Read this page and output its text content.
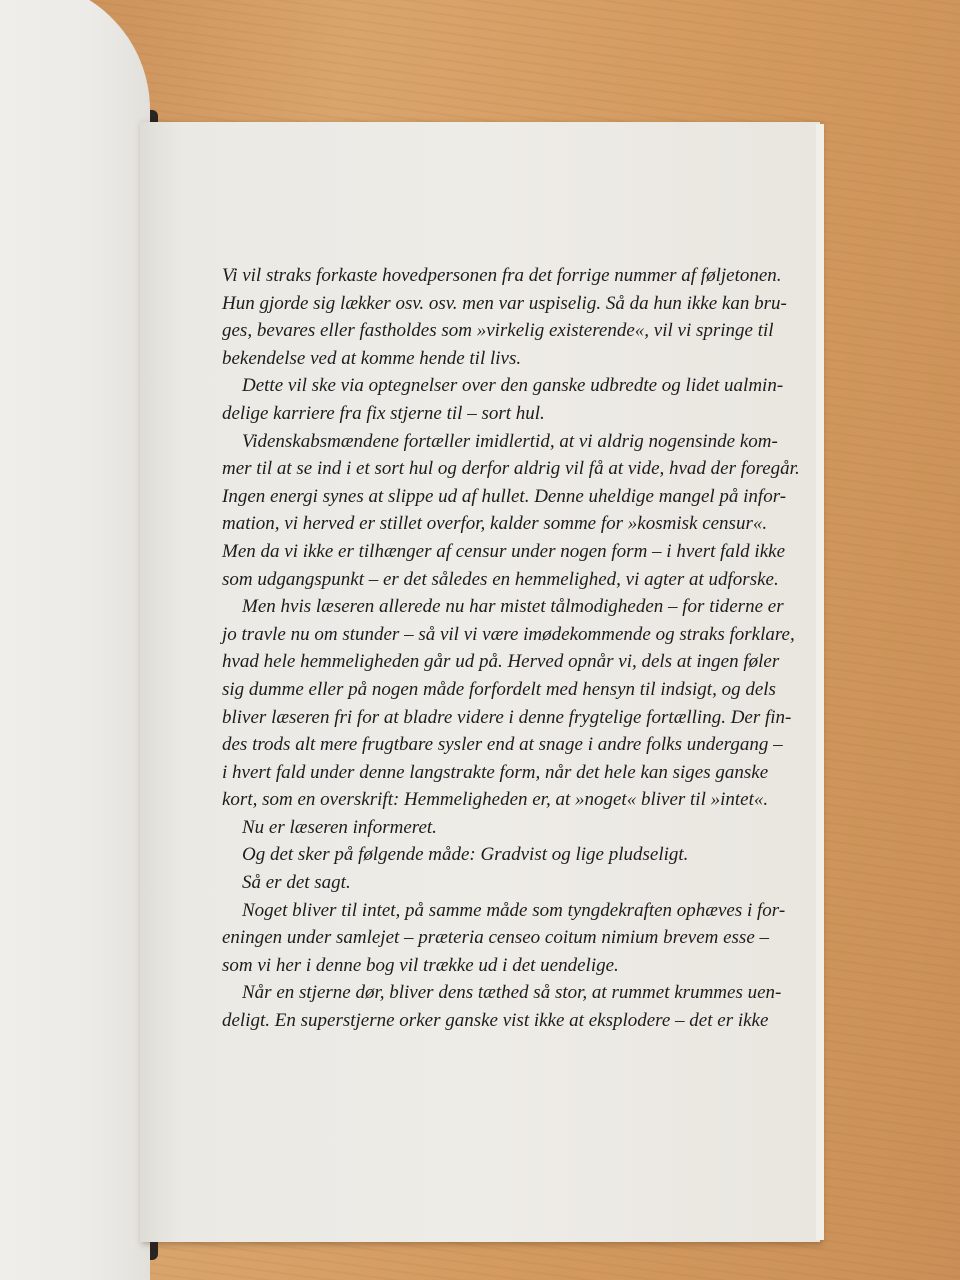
Vi vil straks forkaste hovedpersonen fra det forrige nummer af føljetonen.
Hun gjorde sig lækker osv. osv. men var uspiselig. Så da hun ikke kan bru-
ges, bevares eller fastholdes som »virkelig existerende«, vil vi springe til
bekendelse ved at komme hende til livs.
Dette vil ske via optegnelser over den ganske udbredte og lidet ualmin-
delige karriere fra fix stjerne til – sort hul.
Videnskabsmændene fortæller imidlertid, at vi aldrig nogensinde kom-
mer til at se ind i et sort hul og derfor aldrig vil få at vide, hvad der foregår.
Ingen energi synes at slippe ud af hullet. Denne uheldige mangel på infor-
mation, vi herved er stillet overfor, kalder somme for »kosmisk censur«.
Men da vi ikke er tilhænger af censur under nogen form – i hvert fald ikke
som udgangspunkt – er det således en hemmelighed, vi agter at udforske.
Men hvis læseren allerede nu har mistet tålmodigheden – for tiderne er
jo travle nu om stunder – så vil vi være imødekommende og straks forklare,
hvad hele hemmeligheden går ud på. Herved opnår vi, dels at ingen føler
sig dumme eller på nogen måde forfordelt med hensyn til indsigt, og dels
bliver læseren fri for at bladre videre i denne frygtelige fortælling. Der fin-
des trods alt mere frugtbare sysler end at snage i andre folks undergang –
i hvert fald under denne langstrakte form, når det hele kan siges ganske
kort, som en overskrift: Hemmeligheden er, at »noget« bliver til »intet«.
Nu er læseren informeret.
Og det sker på følgende måde: Gradvist og lige pludseligt.
Så er det sagt.
Noget bliver til intet, på samme måde som tyngdekraften ophæves i for-
eningen under samlejet – præteria censeo coitum nimium brevem esse –
som vi her i denne bog vil trække ud i det uendelige.
Når en stjerne dør, bliver dens tæthed så stor, at rummet krummes uen-
deligt. En superstjerne orker ganske vist ikke at eksplodere – det er ikke
